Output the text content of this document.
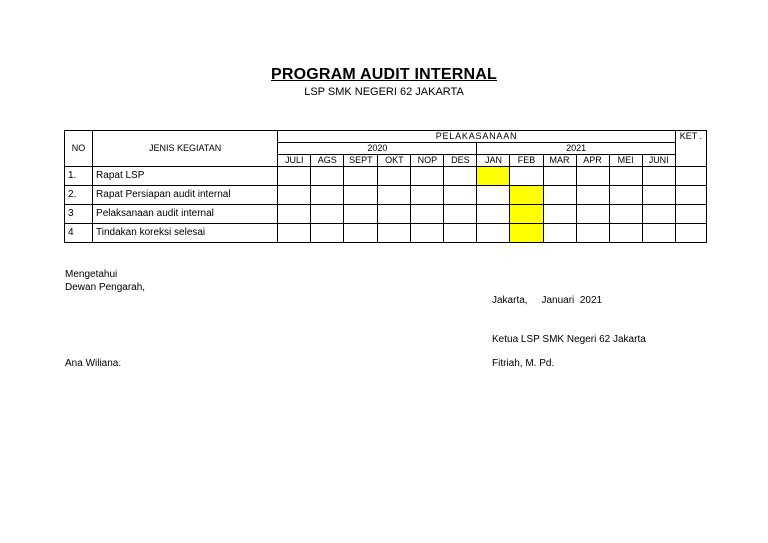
PROGRAM AUDIT INTERNAL
LSP SMK NEGERI 62 JAKARTA
NO	JENIS KEGIATAN	PELAKASANAAN												KET .
		2020						2021						
		JULI	AGS	SEPT	OKT	NOP	DES	JAN	FEB	MAR	APR	MEI	JUNI	
1.	Rapat LSP													
2.	Rapat Persiapan audit internal													
3	Pelaksanaan audit internal													
4	Tindakan koreksi selesai													
Mengetahui
Dewan Pengarah,
Ana Wiliana.

Jakarta,     Januari  2021

Ketua LSP SMK Negeri 62 Jakarta

Fitriah, M. Pd.
